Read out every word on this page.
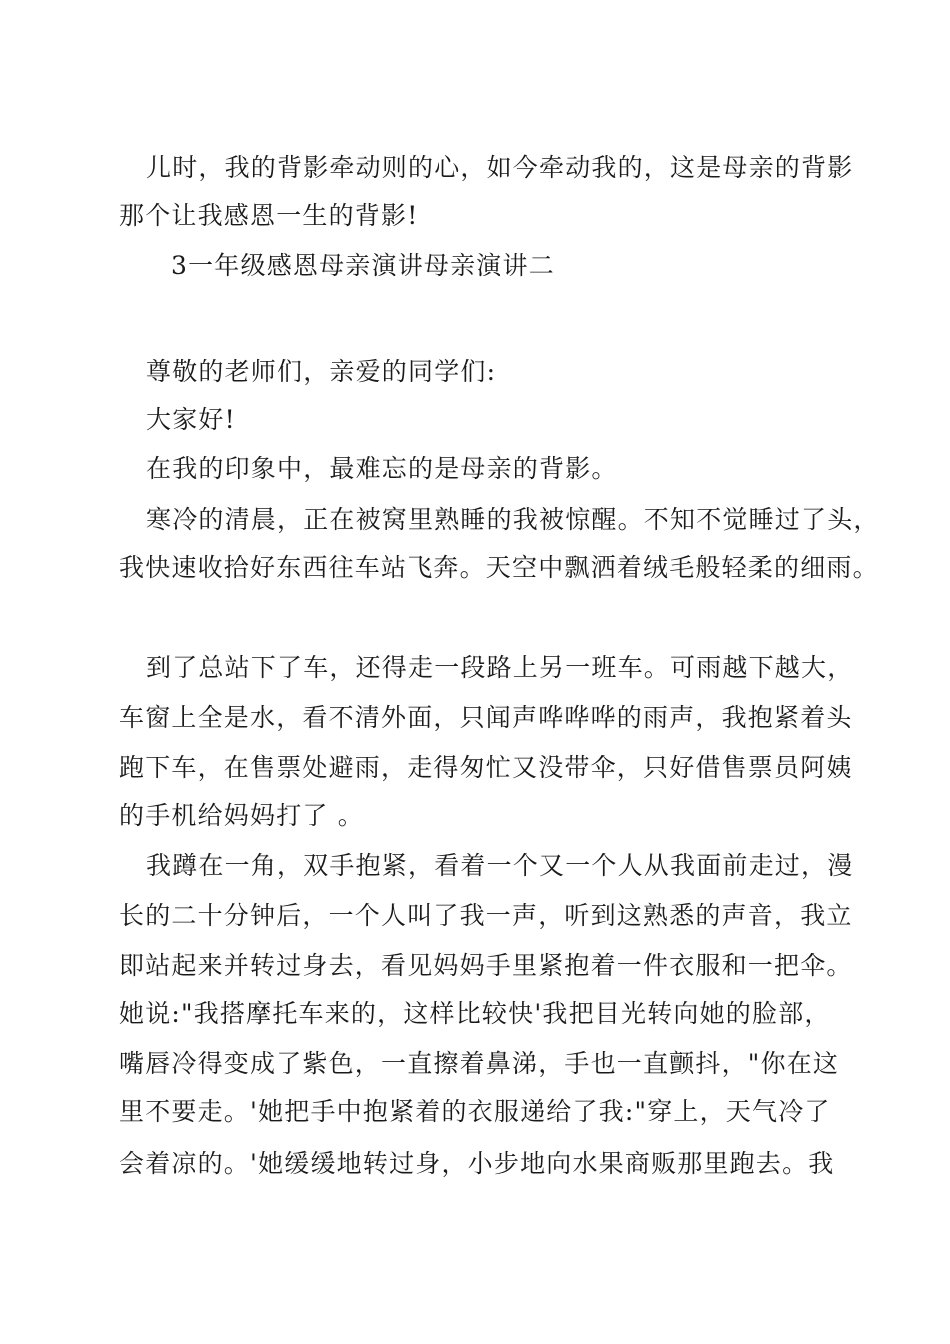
儿时，我的背影牵动则的心，如今牵动我的，这是母亲的背影
那个让我感恩一生的背影!
3一年级感恩母亲演讲母亲演讲二
尊敬的老师们，亲爱的同学们:
大家好!
在我的印象中，最难忘的是母亲的背影。
寒冷的清晨，正在被窝里熟睡的我被惊醒。不知不觉睡过了头，
我快速收拾好东西往车站飞奔。天空中飘洒着绒毛般轻柔的细雨。
到了总站下了车，还得走一段路上另一班车。可雨越下越大，
车窗上全是水，看不清外面，只闻声哗哗哗的雨声，我抱紧着头
跑下车，在售票处避雨，走得匆忙又没带伞，只好借售票员阿姨
的手机给妈妈打了 。
我蹲在一角，双手抱紧，看着一个又一个人从我面前走过，漫
长的二十分钟后，一个人叫了我一声，听到这熟悉的声音，我立
即站起来并转过身去，看见妈妈手里紧抱着一件衣服和一把伞。
她说:"我搭摩托车来的，这样比较快'我把目光转向她的脸部，
嘴唇冷得变成了紫色，一直擦着鼻涕，手也一直颤抖，"你在这
里不要走。'她把手中抱紧着的衣服递给了我:"穿上，天气冷了
会着凉的。'她缓缓地转过身，小步地向水果商贩那里跑去。我
